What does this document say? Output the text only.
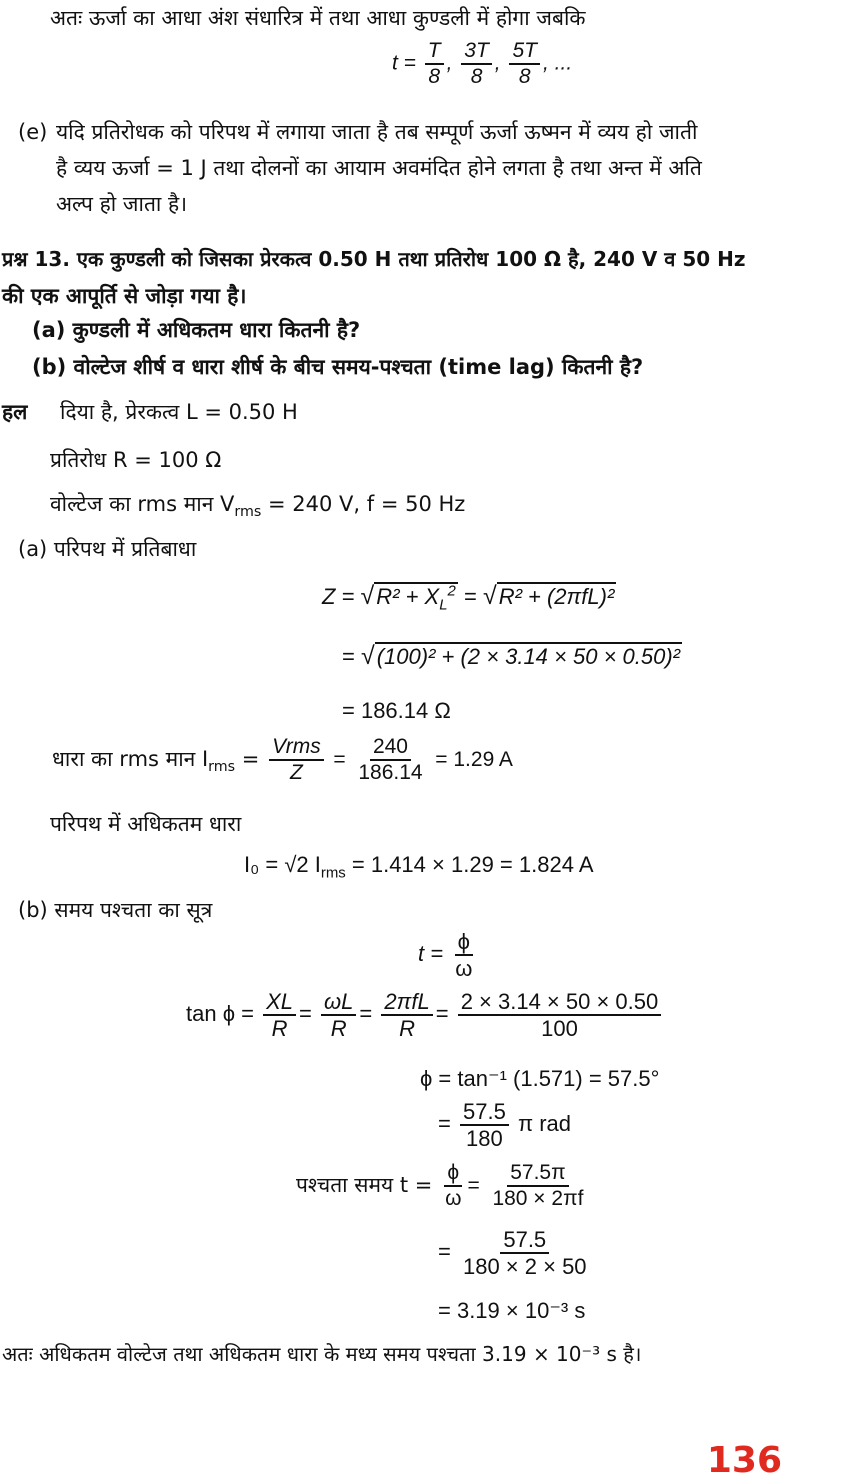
अतः ऊर्जा का आधा अंश संधारित्र में तथा आधा कुण्डली में होगा जबकि
$t = \frac{T}{8}$ , $\frac{3T}{8}$ , $\frac{5T}{8}$ , ...
(e) यदि प्रतिरोधक को परिपथ में लगाया जाता है तब सम्पूर्ण ऊर्जा ऊष्मन में व्यय हो जाती
है व्यय ऊर्जा = 1 J तथा दोलनों का आयाम अवमंदित होने लगता है तथा अन्त में अति
अल्प हो जाता है।
प्रश्न 13. एक कुण्डली को जिसका प्रेरकत्व 0.50 H तथा प्रतिरोध 100 Ω है, 240 V व 50 Hz
की एक आपूर्ति से जोड़ा गया है।
(a) कुण्डली में अधिकतम धारा कितनी है?
(b) वोल्टेज शीर्ष व धारा शीर्ष के बीच समय-पश्चता (time lag) कितनी है?
हल दिया है, प्रेरकत्व L = 0.50 H
प्रतिरोध R = 100 Ω
वोल्टेज का rms मान $V_{rms} = 240$ V, f = 50 Hz
(a) परिपथ में प्रतिबाधा
$Z = √R^2 + X_L^2 = √R^2 + (2\pi fL)^2$
= √(100)² + (2 × 3.14 × 50 × 0.50)²
= 186.14 Ω
धारा का rms मान $I_{rms} = \frac{\text{Vrms}}{Z} = \frac{240}{186.14} = 1.29$ A
परिपथ में अधिकतम धारा
I₀ = √2 $I_{rms} = 1.414 \times 1.29 = 1.824$ A
(b) समय पश्चता का सूत्र
$t = \frac{\phi}{\omega}$
$\tan \phi = \frac{XL}{R} = \frac{\omega L}{R} = \frac{\text{2πfL}}{R} = \frac{2 \times 3.14 \times 50 \times 0.50}{100}$
ϕ = tan⁻¹ (1.571) = 57.5°
= $\frac{57.5}{180}$ π rad
पश्चता समय $t = \frac{\phi}{\omega} = \frac{57.5\pi}{180 \times 2\pi f}$
= $\frac{57.5}{180 \times 2 \times 50}$
= 3.19 × 10⁻³ s
अतः अधिकतम वोल्टेज तथा अधिकतम धारा के मध्य समय पश्चता 3.19 × 10⁻³ s है।
136
